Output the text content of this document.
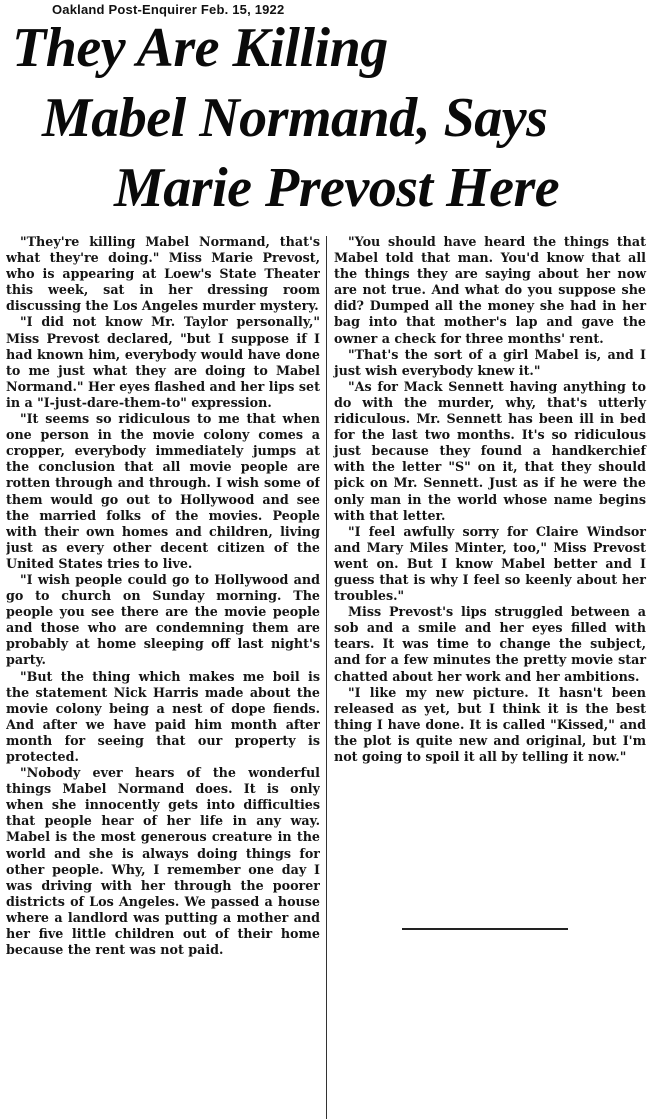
Oakland Post-Enquirer Feb. 15, 1922
They Are Killing
Mabel Normand, Says
Marie Prevost Here

"They're killing Mabel Normand, that's what they're doing." Miss Marie Prevost, who is appearing at Loew's State Theater this week, sat in her dressing room discussing the Los Angeles murder mystery.

"I did not know Mr. Taylor personally," Miss Prevost declared, "but I suppose if I had known him, everybody would have done to me just what they are doing to Mabel Normand." Her eyes flashed and her lips set in a "I-just-dare-them-to" expression.

"It seems so ridiculous to me that when one person in the movie colony comes a cropper, everybody immediately jumps at the conclusion that all movie people are rotten through and through. I wish some of them would go out to Hollywood and see the married folks of the movies. People with their own homes and children, living just as every other decent citizen of the United States tries to live.

"I wish people could go to Hollywood and go to church on Sunday morning. The people you see there are the movie people and those who are condemning them are probably at home sleeping off last night's party.

"But the thing which makes me boil is the statement Nick Harris made about the movie colony being a nest of dope fiends. And after we have paid him month after month for seeing that our property is protected.

"Nobody ever hears of the wonderful things Mabel Normand does. It is only when she innocently gets into difficulties that people hear of her life in any way. Mabel is the most generous creature in the world and she is always doing things for other people. Why, I remember one day I was driving with her through the poorer districts of Los Angeles. We passed a house where a landlord was putting a mother and her five little children out of their home because the rent was not paid.

"You should have heard the things that Mabel told that man. You'd know that all the things they are saying about her now are not true. And what do you suppose she did? Dumped all the money she had in her bag into that mother's lap and gave the owner a check for three months' rent.

"That's the sort of a girl Mabel is, and I just wish everybody knew it."

"As for Mack Sennett having anything to do with the murder, why, that's utterly ridiculous. Mr. Sennett has been ill in bed for the last two months. It's so ridiculous just because they found a handkerchief with the letter "S" on it, that they should pick on Mr. Sennett. Just as if he were the only man in the world whose name begins with that letter.

"I feel awfully sorry for Claire Windsor and Mary Miles Minter, too," Miss Prevost went on. But I know Mabel better and I guess that is why I feel so keenly about her troubles."

Miss Prevost's lips struggled between a sob and a smile and her eyes filled with tears. It was time to change the subject, and for a few minutes the pretty movie star chatted about her work and her ambitions.

"I like my new picture. It hasn't been released as yet, but I think it is the best thing I have done. It is called "Kissed," and the plot is quite new and original, but I'm not going to spoil it all by telling it now."
